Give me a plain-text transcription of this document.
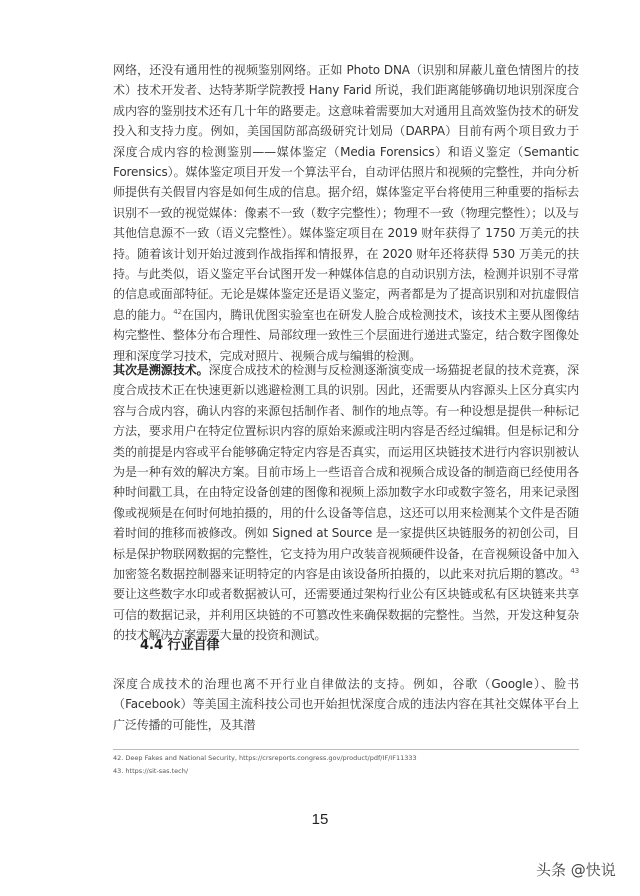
网络，还没有通用性的视频鉴别网络。正如 Photo DNA（识别和屏蔽儿童色情图片的技术）技术开发者、达特茅斯学院教授 Hany Farid 所说，我们距离能够确切地识别深度合成内容的鉴别技术还有几十年的路要走。这意味着需要加大对通用且高效鉴伪技术的研发投入和支持力度。例如，美国国防部高级研究计划局（DARPA）目前有两个项目致力于深度合成内容的检测鉴别——媒体鉴定（Media Forensics）和语义鉴定（Semantic Forensics）。媒体鉴定项目开发一个算法平台，自动评估照片和视频的完整性，并向分析师提供有关假冒内容是如何生成的信息。据介绍，媒体鉴定平台将使用三种重要的指标去识别不一致的视觉媒体：像素不一致（数字完整性）；物理不一致（物理完整性）；以及与其他信息源不一致（语义完整性）。媒体鉴定项目在 2019 财年获得了 1750 万美元的扶持。随着该计划开始过渡到作战指挥和情报界，在 2020 财年还将获得 530 万美元的扶持。与此类似，语义鉴定平台试图开发一种媒体信息的自动识别方法，检测并识别不寻常的信息或面部特征。无论是媒体鉴定还是语义鉴定，两者都是为了提高识别和对抗虚假信息的能力。$^{42}$在国内，腾讯优图实验室也在研发人脸合成检测技术，该技术主要从图像结构完整性、整体分布合理性、局部纹理一致性三个层面进行递进式鉴定，结合数字图像处理和深度学习技术，完成对照片、视频合成与编辑的检测。

其次是溯源技术。深度合成技术的检测与反检测逐渐演变成一场猫捉老鼠的技术竞赛，深度合成技术正在快速更新以逃避检测工具的识别。因此，还需要从内容源头上区分真实内容与合成内容，确认内容的来源包括制作者、制作的地点等。有一种设想是提供一种标记方法，要求用户在特定位置标识内容的原始来源或注明内容是否经过编辑。但是标记和分类的前提是内容或平台能够确定特定内容是否真实，而运用区块链技术进行内容识别被认为是一种有效的解决方案。目前市场上一些语音合成和视频合成设备的制造商已经使用各种时间戳工具，在由特定设备创建的图像和视频上添加数字水印或数字签名，用来记录图像或视频是在何时何地拍摄的，用的什么设备等信息，这还可以用来检测某个文件是否随着时间的推移而被修改。例如 Signed at Source 是一家提供区块链服务的初创公司，目标是保护物联网数据的完整性，它支持为用户改装音视频硬件设备，在音视频设备中加入加密签名数据控制器来证明特定的内容是由该设备所拍摄的，以此来对抗后期的篡改。$^{43}$要让这些数字水印或者数据被认可，还需要通过架构行业公有区块链或私有区块链来共享可信的数据记录，并利用区块链的不可篡改性来确保数据的完整性。当然，开发这种复杂的技术解决方案需要大量的投资和测试。

4.4 行业自律

深度合成技术的治理也离不开行业自律做法的支持。例如，谷歌（Google）、脸书（Facebook）等美国主流科技公司也开始担忧深度合成的违法内容在其社交媒体平台上广泛传播的可能性，及其潜

42. Deep Fakes and National Security, https://crsreports.congress.gov/product/pdf/IF/IF11333

43. https://sit-sas.tech/

15
头条 @快说
